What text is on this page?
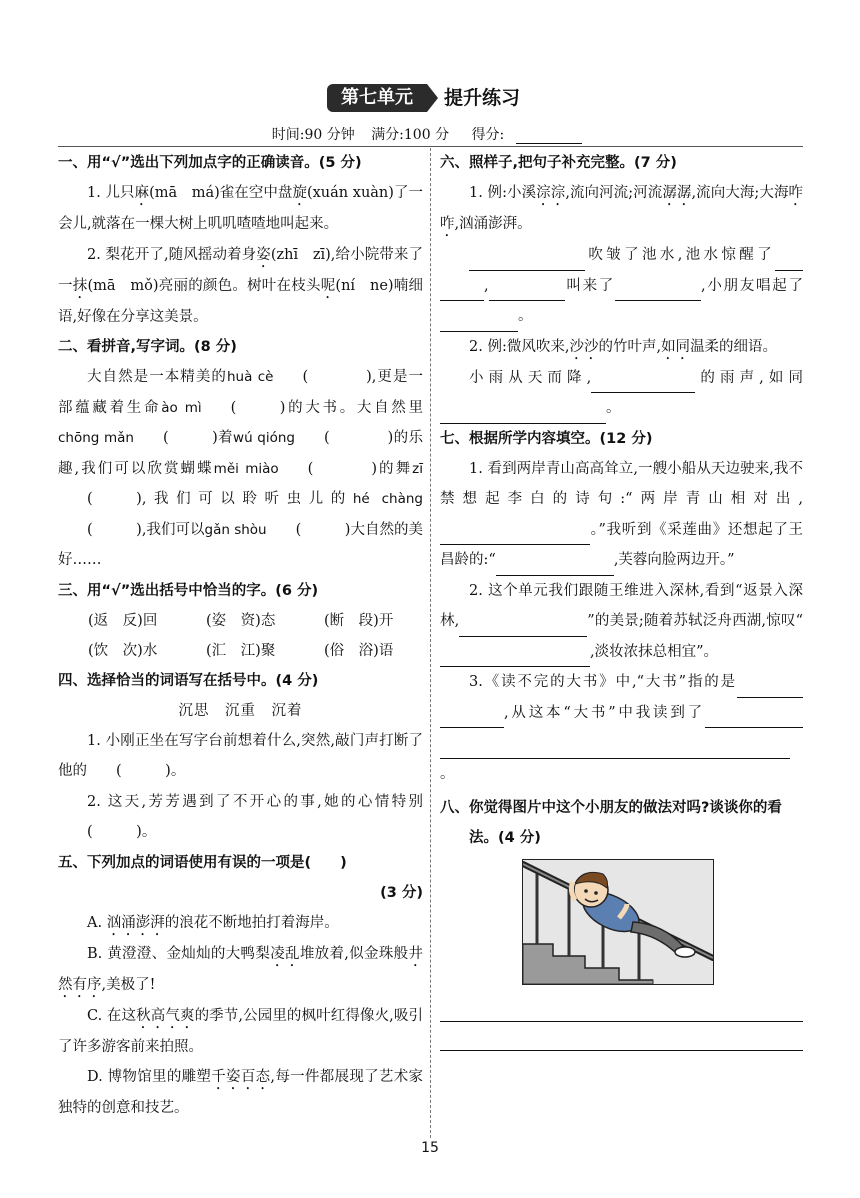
第七单元	提升练习
时间:90 分钟 满分:100 分 得分:

一、用“√”选出下列加点字的正确读音。(5 分)

1. 儿只麻(mā　má)雀在空中盘旋(xuán xuàn)了一会儿,就落在一棵大树上叽叽喳喳地叫起来。

2. 梨花开了,随风摇动着身姿(zhī　zī),给小院带来了一抹(mā　mǒ)亮丽的颜色。树叶在枝头呢(ní　ne)喃细语,好像在分享这美景。

二、看拼音,写字词。(8 分)

大自然是一本精美的huà cè (　　　　),更是一部蕴藏着生命ào mì (　　　)的大书。大自然里chōng mǎn (　　　)着wú qióng (　　　　)的乐趣,我们可以欣赏蝴蝶měi miào (　　　　)的舞zī(　　　),我们可以聆听虫儿的hé chàng(　　　),我们可以gǎn shòu (　　　)大自然的美好……

三、用“√”选出括号中恰当的字。(6 分)

(返　反)回	(姿　资)态	(断　段)开
(饮　次)水	(汇　江)聚	(俗　浴)语

四、选择恰当的词语写在括号中。(4 分)

沉思　沉重　沉着

1. 小刚正坐在写字台前想着什么,突然,敲门声打断了他的 (　　　)。

2. 这天,芳芳遇到了不开心的事,她的心情特别(　　　)。

五、下列加点的词语使用有误的一项是(　　)

(3 分)

A. 汹涌澎湃的浪花不断地拍打着海岸。

B. 黄澄澄、金灿灿的大鸭梨凌乱堆放着,似金珠般井然有序,美极了!

C. 在这秋高气爽的季节,公园里的枫叶红得像火,吸引了许多游客前来拍照。

D. 博物馆里的雕塑千姿百态,每一件都展现了艺术家独特的创意和技艺。

六、照样子,把句子补充完整。(7 分)

1. 例:小溪淙淙,流向河流;河流潺潺,流向大海;大海咋咋,汹涌澎湃。

吹皱了池水,池水惊醒了,	叫来了	,小朋友唱起了。

2. 例:微风吹来,沙沙的竹叶声,如同温柔的细语。

小雨从天而降,	的雨声,如同。

七、根据所学内容填空。(12 分)

1. 看到两岸青山高高耸立,一艘小船从天边驶来,我不禁想起李白的诗句:“两岸青山相对出,。”我听到《采莲曲》还想起了王昌龄的:“	,芙蓉向脸两边开。”

2. 这个单元我们跟随王维进入深林,看到“返景入深林,	”的美景;随着苏轼泛舟西湖,惊叹“,淡妆浓抹总相宜”。

3.《读不完的大书》中,“大书”指的是,从这本“大书”中我读到了。

八、你觉得图片中这个小朋友的做法对吗?谈谈你的看法。(4 分)

15
